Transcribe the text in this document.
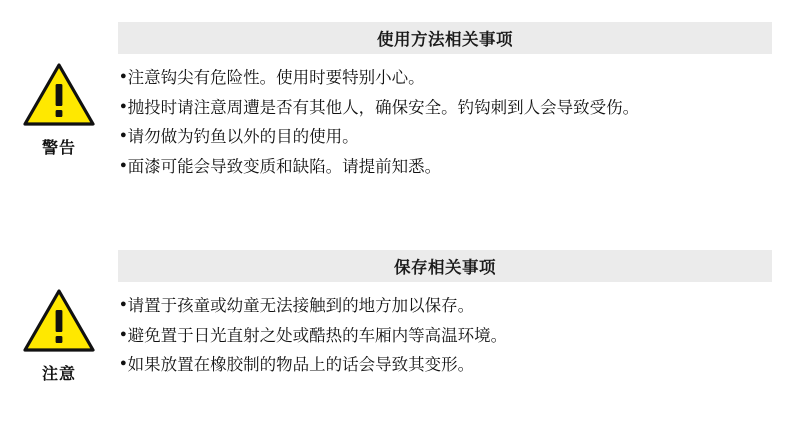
警告
使用方法相关事项
● 注意钩尖有危险性。使用时要特别小心。
● 抛投时请注意周遭是否有其他人，确保安全。钓钩刺到人会导致受伤。
● 请勿做为钓鱼以外的目的使用。
● 面漆可能会导致变质和缺陷。请提前知悉。
注意
保存相关事项
● 请置于孩童或幼童无法接触到的地方加以保存。
● 避免置于日光直射之处或酷热的车厢内等高温环境。
● 如果放置在橡胶制的物品上的话会导致其变形。
